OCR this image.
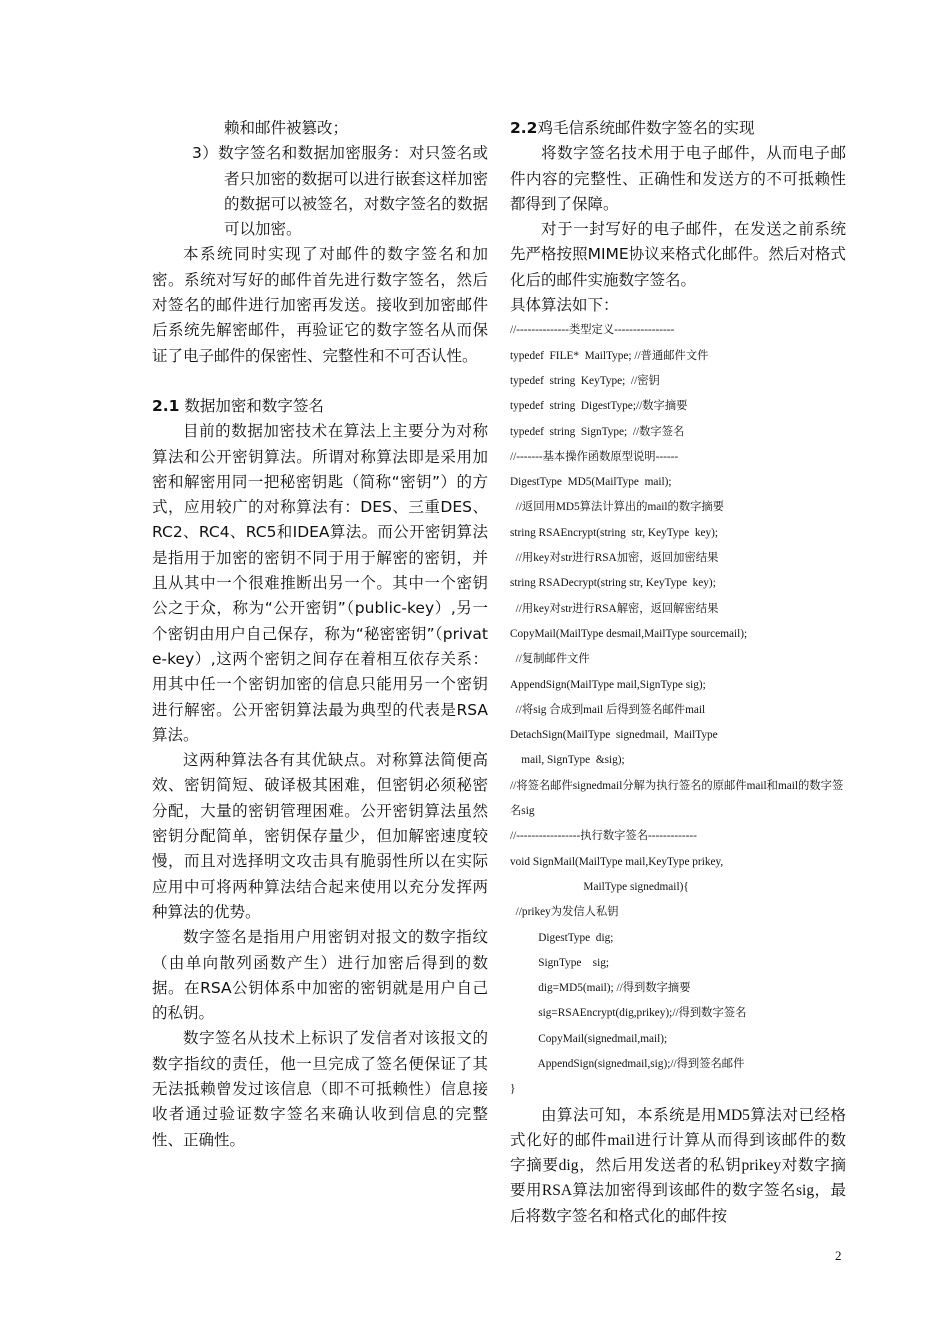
赖和邮件被篡改；

3）数字签名和数据加密服务：对只签名或者只加密的数据可以进行嵌套这样加密的数据可以被签名，对数字签名的数据可以加密。

本系统同时实现了对邮件的数字签名和加密。系统对写好的邮件首先进行数字签名，然后对签名的邮件进行加密再发送。接收到加密邮件后系统先解密邮件，再验证它的数字签名从而保证了电子邮件的保密性、完整性和不可否认性。

2.1 数据加密和数字签名

目前的数据加密技术在算法上主要分为对称算法和公开密钥算法。所谓对称算法即是采用加密和解密用同一把秘密钥匙（简称“密钥”）的方式，应用较广的对称算法有：DES、三重DES、RC2、RC4、RC5和IDEA算法。而公开密钥算法是指用于加密的密钥不同于用于解密的密钥，并且从其中一个很难推断出另一个。其中一个密钥公之于众，称为“公开密钥”（public-key）,另一个密钥由用户自己保存，称为“秘密密钥”（private-key）,这两个密钥之间存在着相互依存关系：用其中任一个密钥加密的信息只能用另一个密钥进行解密。公开密钥算法最为典型的代表是RSA算法。

这两种算法各有其优缺点。对称算法简便高效、密钥简短、破译极其困难，但密钥必须秘密分配，大量的密钥管理困难。公开密钥算法虽然密钥分配简单，密钥保存量少，但加解密速度较慢，而且对选择明文攻击具有脆弱性所以在实际应用中可将两种算法结合起来使用以充分发挥两种算法的优势。

数字签名是指用户用密钥对报文的数字指纹（由单向散列函数产生）进行加密后得到的数据。在RSA公钥体系中加密的密钥就是用户自己的私钥。

数字签名从技术上标识了发信者对该报文的数字指纹的责任，他一旦完成了签名便保证了其无法抵赖曾发过该信息（即不可抵赖性）信息接收者通过验证数字签名来确认收到信息的完整性、正确性。

2.2鸡毛信系统邮件数字签名的实现

将数字签名技术用于电子邮件，从而电子邮件内容的完整性、正确性和发送方的不可抵赖性都得到了保障。

对于一封写好的电子邮件，在发送之前系统先严格按照MIME协议来格式化邮件。然后对格式化后的邮件实施数字签名。

具体算法如下：

//--------------类型定义----------------

typedef  FILE*  MailType; //普通邮件文件

typedef  string  KeyType;  //密钥

typedef  string  DigestType;//数字摘要

typedef  string  SignType;  //数字签名

//-------基本操作函数原型说明------

DigestType  MD5(MailType  mail);

//返回用MD5算法计算出的mail的数字摘要

string RSAEncrypt(string  str, KeyType  key);

//用key对str进行RSA加密，返回加密结果

string RSADecrypt(string str, KeyType  key);

//用key对str进行RSA解密，返回解密结果

CopyMail(MailType desmail,MailType sourcemail);

//复制邮件文件

AppendSign(MailType mail,SignType sig);

//将sig 合成到mail 后得到签名邮件mail

DetachSign(MailType  signedmail,  MailType

mail, SignType  &sig);

//将签名邮件signedmail分解为执行签名的原邮件mail和mail的数字签名sig

//-----------------执行数字签名-------------

void SignMail(MailType mail,KeyType prikey,

MailType signedmail){

//prikey为发信人私钥

DigestType  dig;

SignType    sig;

dig=MD5(mail); //得到数字摘要

sig=RSAEncrypt(dig,prikey);//得到数字签名

CopyMail(signedmail,mail);

AppendSign(signedmail,sig);//得到签名邮件

}

由算法可知，本系统是用MD5算法对已经格式化好的邮件mail进行计算从而得到该邮件的数字摘要dig，然后用发送者的私钥prikey对数字摘要用RSA算法加密得到该邮件的数字签名sig，最后将数字签名和格式化的邮件按

2
